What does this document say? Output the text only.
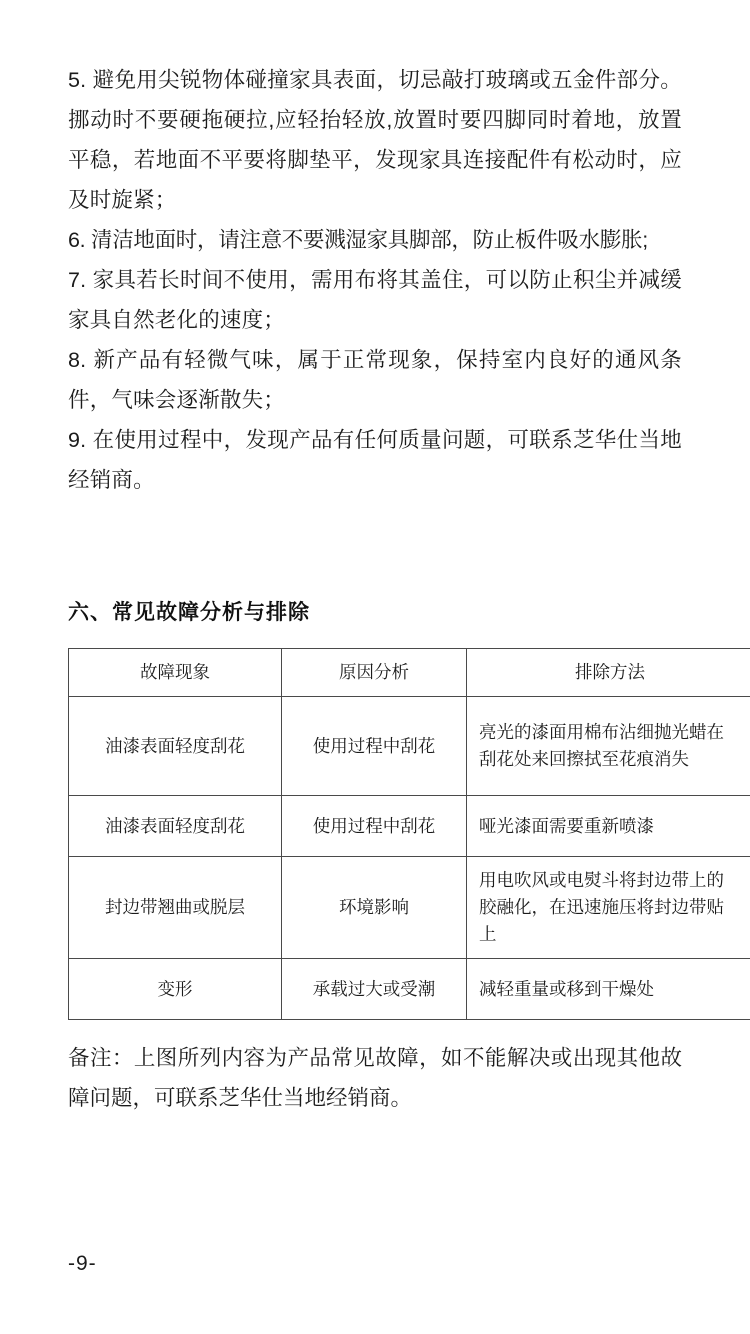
5. 避免用尖锐物体碰撞家具表面，切忌敲打玻璃或五金件部分。挪动时不要硬拖硬拉,应轻抬轻放,放置时要四脚同时着地，放置平稳，若地面不平要将脚垫平，发现家具连接配件有松动时，应及时旋紧；

6. 清洁地面时，请注意不要溅湿家具脚部，防止板件吸水膨胀;

7. 家具若长时间不使用，需用布将其盖住，可以防止积尘并减缓家具自然老化的速度；

8. 新产品有轻微气味，属于正常现象，保持室内良好的通风条件，气味会逐渐散失；

9. 在使用过程中，发现产品有任何质量问题，可联系芝华仕当地经销商。

六、常见故障分析与排除
故障现象	原因分析	排除方法
油漆表面轻度刮花	使用过程中刮花	亮光的漆面用棉布沾细抛光蜡在刮花处来回擦拭至花痕消失
油漆表面轻度刮花	使用过程中刮花	哑光漆面需要重新喷漆
封边带翘曲或脱层	环境影响	用电吹风或电熨斗将封边带上的胶融化，在迅速施压将封边带贴上
变形	承载过大或受潮	减轻重量或移到干燥处

备注：上图所列内容为产品常见故障，如不能解决或出现其他故障问题，可联系芝华仕当地经销商。

-9-
